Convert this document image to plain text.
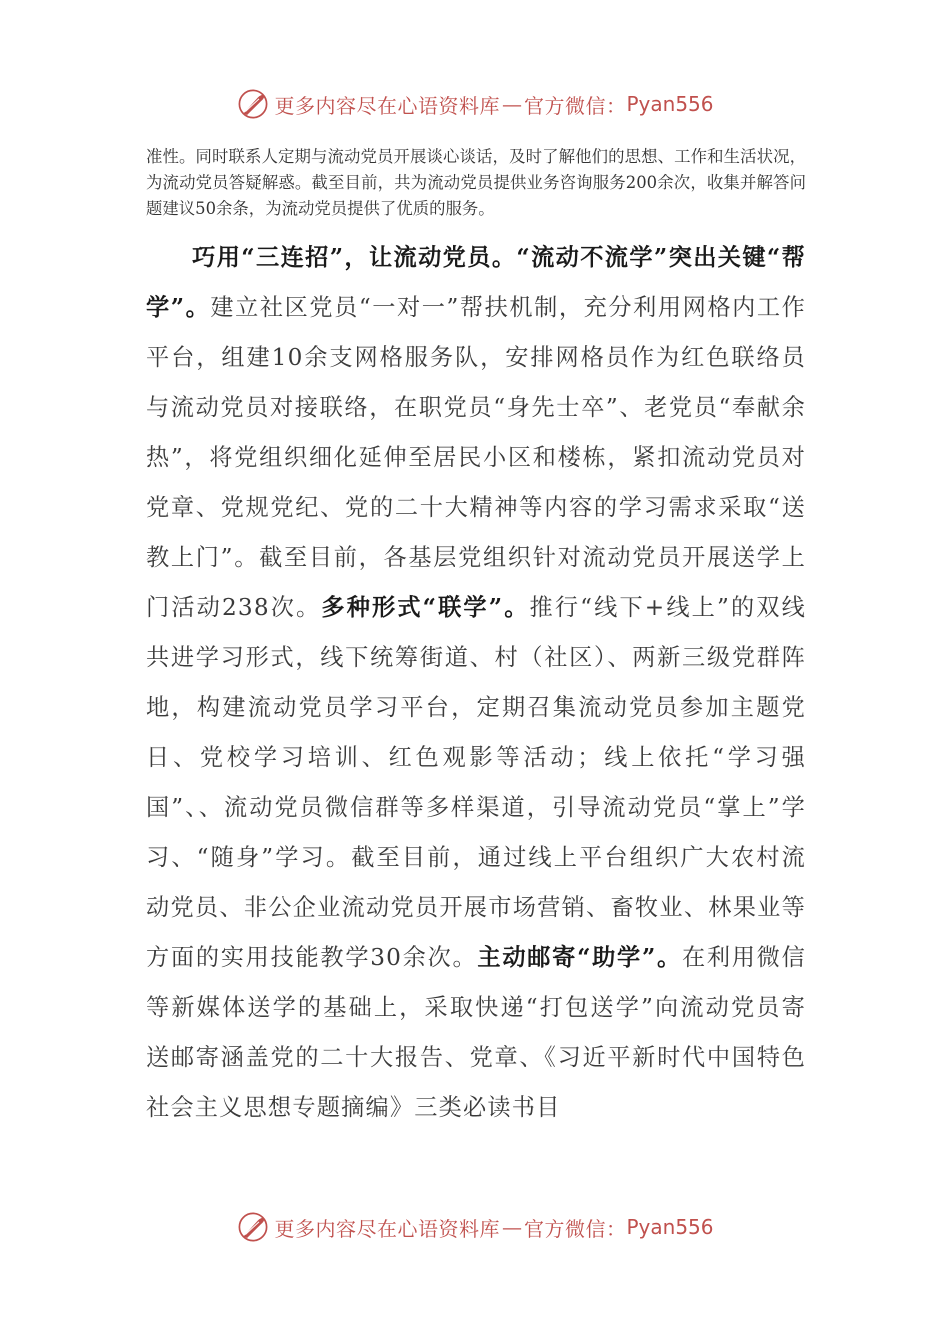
更多内容尽在心语资料库 — 官方微信： Pyan556

准性。同时联系人定期与流动党员开展谈心谈话，及时了解他们的思想、工作和生活状况，为流动党员答疑解惑。截至目前，共为流动党员提供业务咨询服务200余次，收集并解答问题建议50余条，为流动党员提供了优质的服务。

巧用“三连招”，让流动党员。“流动不流学”突出关键“帮学”。建立社区党员“一对一”帮扶机制，充分利用网格内工作平台，组建10余支网格服务队，安排网格员作为红色联络员与流动党员对接联络，在职党员“身先士卒”、老党员“奉献余热”，将党组织细化延伸至居民小区和楼栋，紧扣流动党员对党章、党规党纪、党的二十大精神等内容的学习需求采取“送教上门”。截至目前，各基层党组织针对流动党员开展送学上门活动238次。多种形式“联学”。推行“线下+线上”的双线共进学习形式，线下统筹街道、村（社区）、两新三级党群阵地，构建流动党员学习平台，定期召集流动党员参加主题党日、党校学习培训、红色观影等活动；线上依托“学习强国”、、流动党员微信群等多样渠道，引导流动党员“掌上”学习、“随身”学习。截至目前，通过线上平台组织广大农村流动党员、非公企业流动党员开展市场营销、畜牧业、林果业等方面的实用技能教学30余次。主动邮寄“助学”。在利用微信等新媒体送学的基础上，采取快递“打包送学”向流动党员寄送邮寄涵盖党的二十大报告、党章、《习近平新时代中国特色社会主义思想专题摘编》三类必读书目

更多内容尽在心语资料库 — 官方微信： Pyan556
